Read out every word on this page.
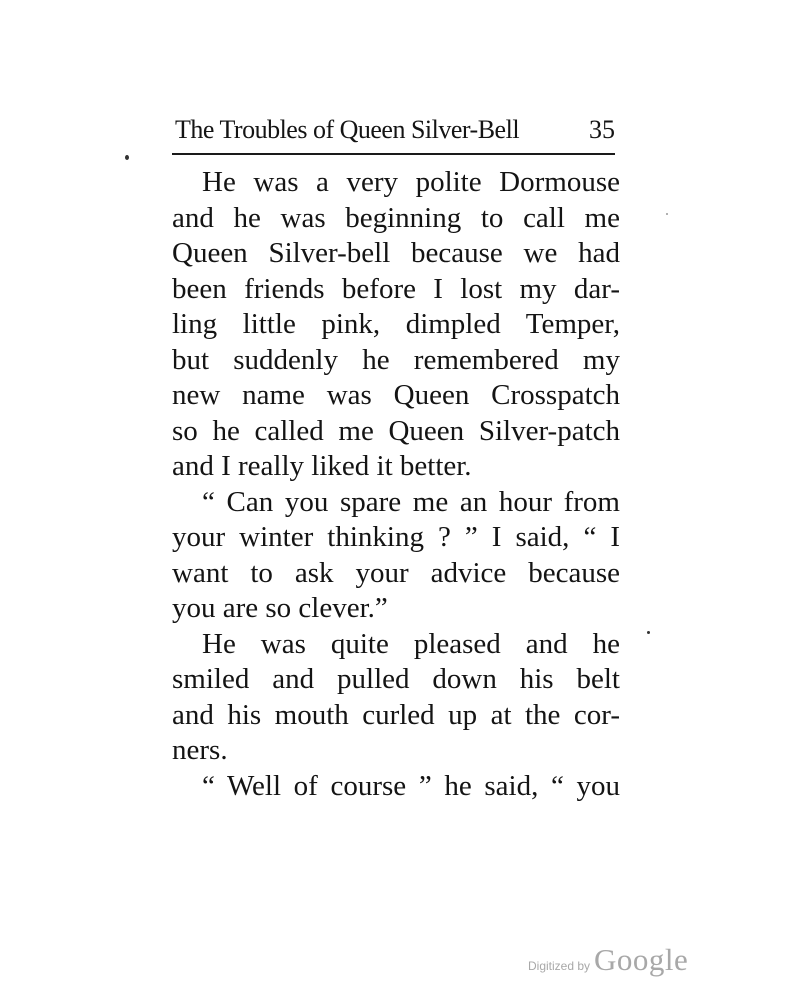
The Troubles of Queen Silver-Bell	35
He was a very polite Dormouse
and he was beginning to call me
Queen Silver-bell because we had
been friends before I lost my dar-
ling little pink, dimpled Temper,
but suddenly he remembered my
new name was Queen Crosspatch
so he called me Queen Silver-patch
and I really liked it better.
“ Can you spare me an hour from
your winter thinking ? ” I said, “ I
want to ask your advice because
you are so clever.”
He was quite pleased and he
smiled and pulled down his belt
and his mouth curled up at the cor-
ners.
“ Well of course ” he said, “ you
Digitized by Google
